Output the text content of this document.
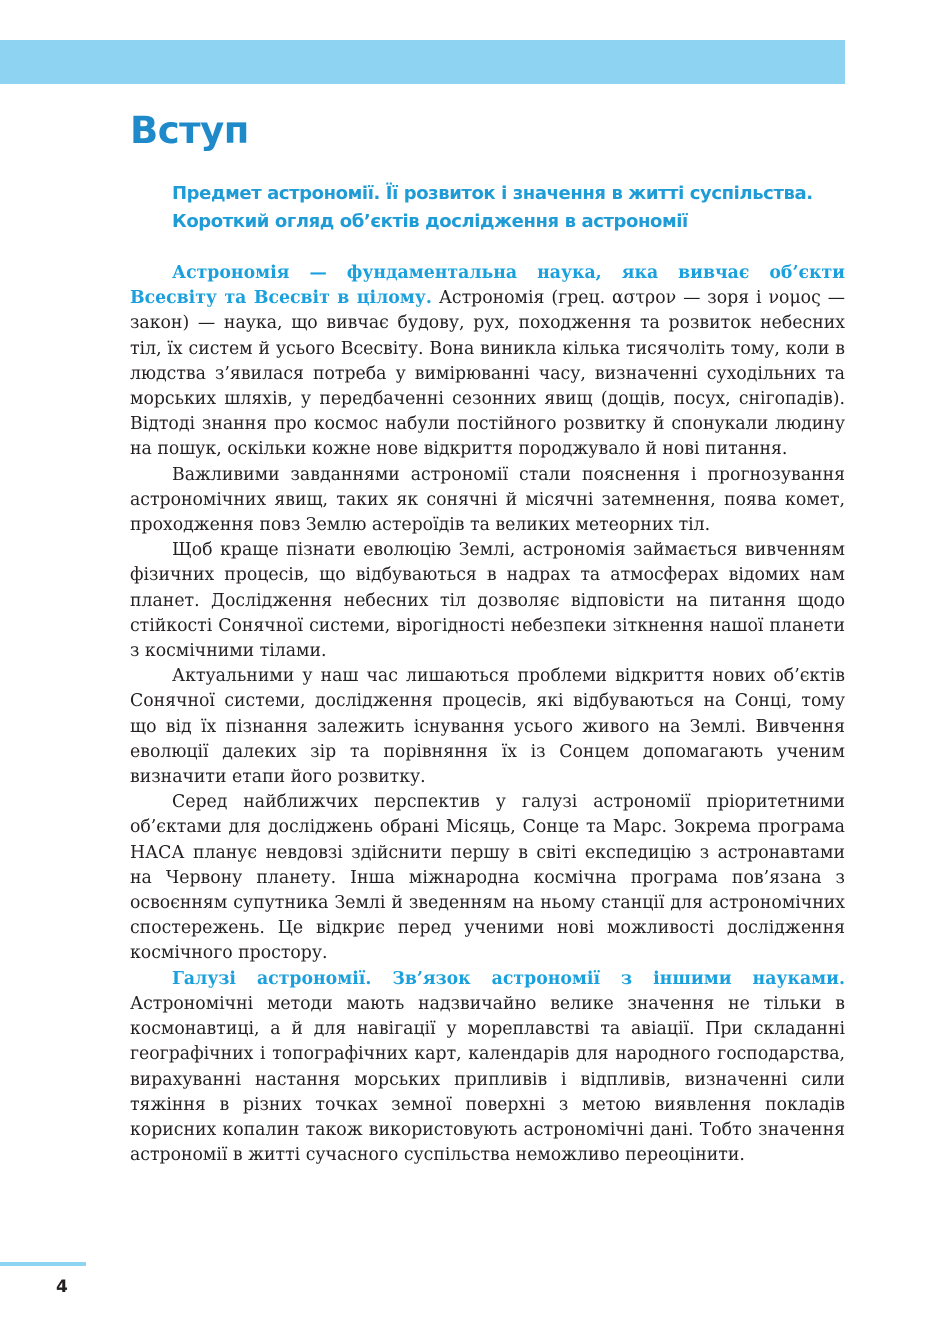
Вступ
Предмет астрономії. Її розвиток і значення в житті суспільства.
Короткий огляд об’єктів дослідження в астрономії

Астрономія — фундаментальна наука, яка вивчає об’єкти Всесвіту та Всесвіт в цілому. Астрономія (грец. αστρον — зоря і νομος — закон) — наука, що вивчає будову, рух, походження та розвиток небесних тіл, їх систем й усього Всесвіту. Вона виникла кілька тисячоліть тому, коли в людства з’явилася потреба у вимірюванні часу, визначенні суходільних та морських шляхів, у передбаченні сезонних явищ (дощів, посух, снігопадів). Відтоді знання про космос набули постійного розвитку й спонукали людину на пошук, оскільки кожне нове відкриття породжувало й нові питання.

Важливими завданнями астрономії стали пояснення і прогнозування астрономічних явищ, таких як сонячні й місячні затемнення, поява комет, проходження повз Землю астероїдів та великих метеорних тіл.

Щоб краще пізнати еволюцію Землі, астрономія займається вивченням фізичних процесів, що відбуваються в надрах та атмосферах відомих нам планет. Дослідження небесних тіл дозволяє відповісти на питання щодо стійкості Сонячної системи, вірогідності небезпеки зіткнення нашої планети з космічними тілами.

Актуальними у наш час лишаються проблеми відкриття нових об’єктів Сонячної системи, дослідження процесів, які відбуваються на Сонці, тому що від їх пізнання залежить існування усього живого на Землі. Вивчення еволюції далеких зір та порівняння їх із Сонцем допомагають ученим визначити етапи його розвитку.

Серед найближчих перспектив у галузі астрономії пріоритетними об’єктами для досліджень обрані Місяць, Сонце та Марс. Зокрема програма НАСА планує невдовзі здійснити першу в світі експедицію з астронавтами на Червону планету. Інша міжнародна космічна програма пов’язана з освоєнням супутника Землі й зведенням на ньому станції для астрономічних спостережень. Це відкриє перед ученими нові можливості дослідження космічного простору.

Галузі астрономії. Зв’язок астрономії з іншими науками. Астрономічні методи мають надзвичайно велике значення не тільки в космонавтиці, а й для навігації у мореплавстві та авіації. При складанні географічних і топографічних карт, календарів для народного господарства, вирахуванні настання морських припливів і відпливів, визначенні сили тяжіння в різних точках земної поверхні з метою виявлення покладів корисних копалин також використовують астрономічні дані. Тобто значення астрономії в житті сучасного суспільства неможливо переоцінити.

4
